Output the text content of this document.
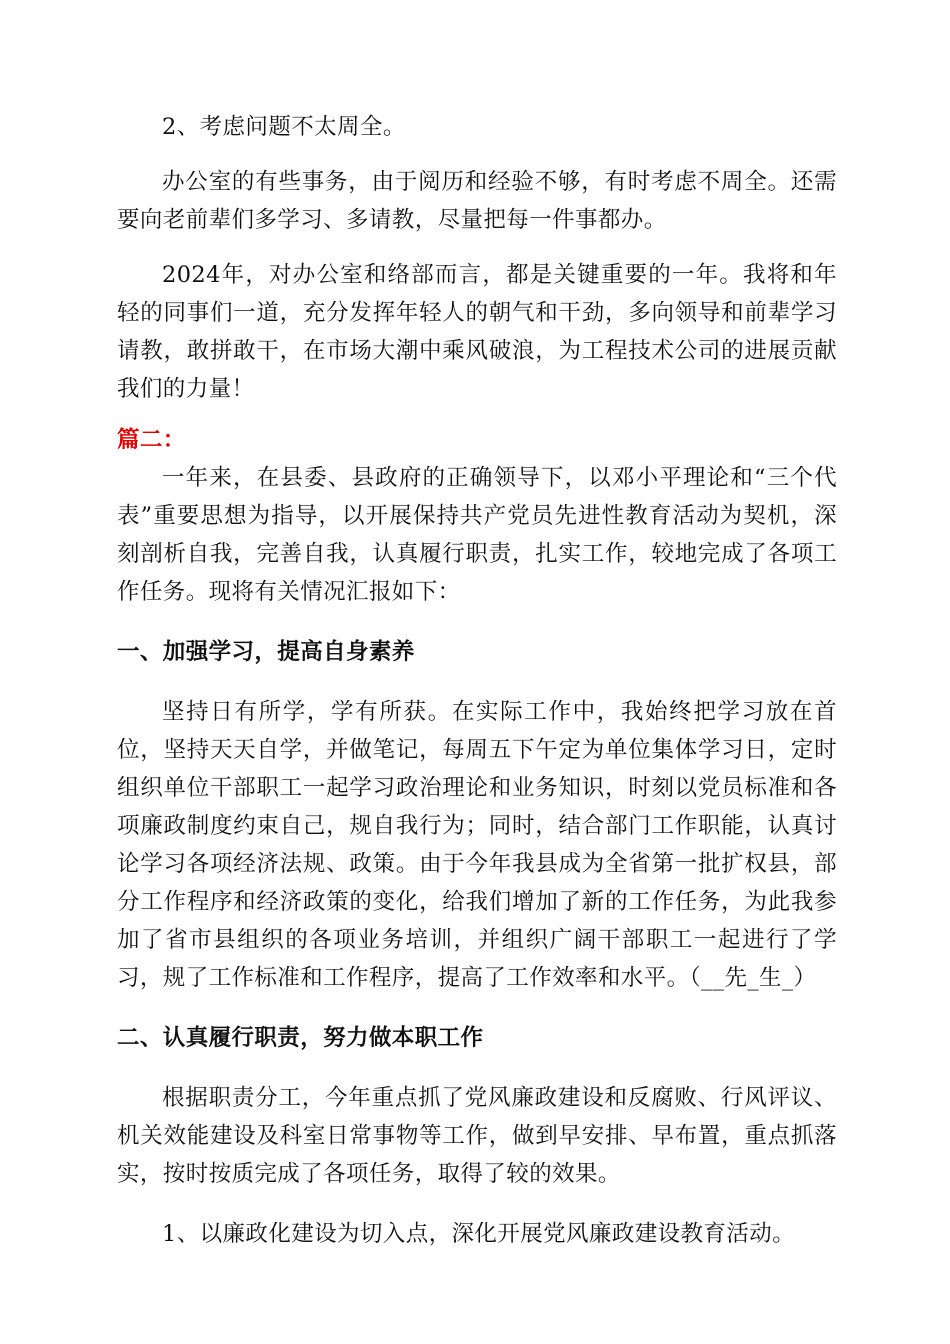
2、考虑问题不太周全。

办公室的有些事务，由于阅历和经验不够，有时考虑不周全。还需要向老前辈们多学习、多请教，尽量把每一件事都办。

2024年，对办公室和络部而言，都是关键重要的一年。我将和年轻的同事们一道，充分发挥年轻人的朝气和干劲，多向领导和前辈学习请教，敢拼敢干，在市场大潮中乘风破浪，为工程技术公司的进展贡献我们的力量！

篇二：

一年来，在县委、县政府的正确领导下，以邓小平理论和“三个代表”重要思想为指导，以开展保持共产党员先进性教育活动为契机，深刻剖析自我，完善自我，认真履行职责，扎实工作，较地完成了各项工作任务。现将有关情况汇报如下：

一、加强学习，提高自身素养

坚持日有所学，学有所获。在实际工作中，我始终把学习放在首位，坚持天天自学，并做笔记，每周五下午定为单位集体学习日，定时组织单位干部职工一起学习政治理论和业务知识，时刻以党员标准和各项廉政制度约束自己，规自我行为；同时，结合部门工作职能，认真讨论学习各项经济法规、政策。由于今年我县成为全省第一批扩权县，部分工作程序和经济政策的变化，给我们增加了新的工作任务，为此我参加了省市县组织的各项业务培训，并组织广阔干部职工一起进行了学习，规了工作标准和工作程序，提高了工作效率和水平。（__先_生_）

二、认真履行职责，努力做本职工作

根据职责分工，今年重点抓了党风廉政建设和反腐败、行风评议、机关效能建设及科室日常事物等工作，做到早安排、早布置，重点抓落实，按时按质完成了各项任务，取得了较的效果。

1、以廉政化建设为切入点，深化开展党风廉政建设教育活动。
